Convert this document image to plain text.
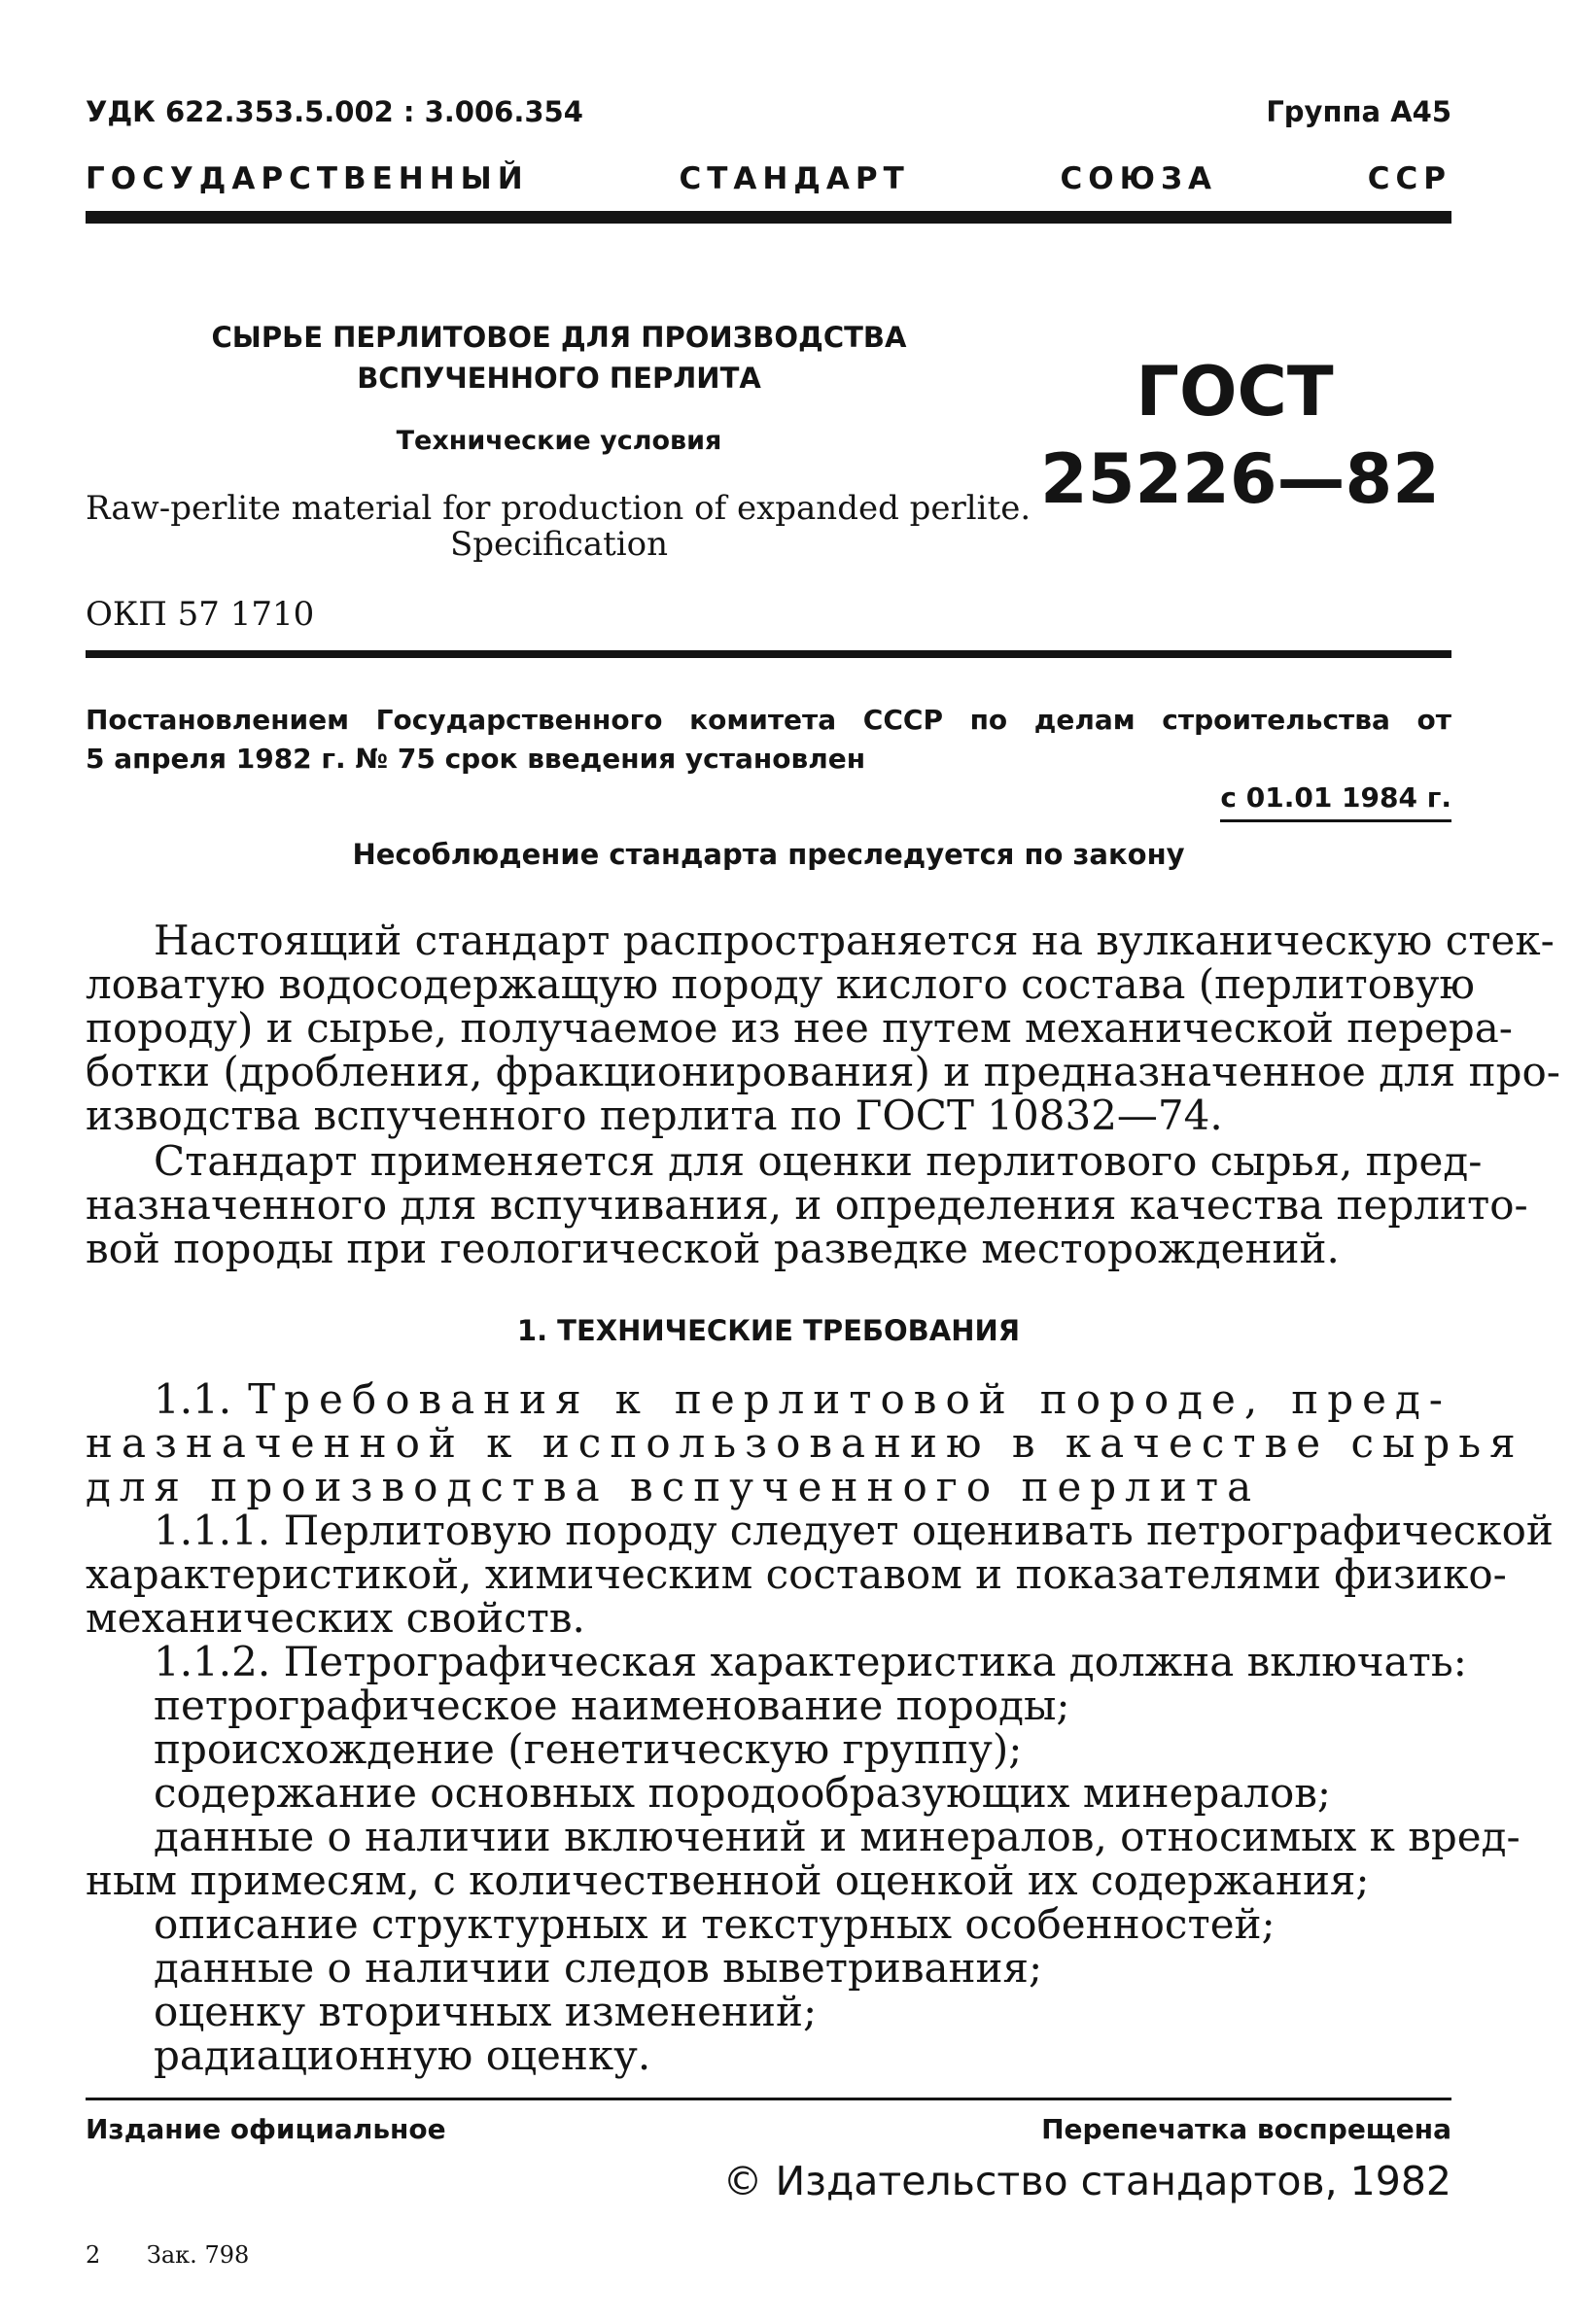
УДК 622.353.5.002 : 3.006.354	Группа А45
ГОСУДАРСТВЕННЫЙ	СТАНДАРТ	СОЮЗА	ССР
СЫРЬЕ ПЕРЛИТОВОЕ ДЛЯ ПРОИЗВОДСТВА
ВСПУЧЕННОГО ПЕРЛИТА
Технические условия
Raw-perlite material for production of expanded perlite.
Specification
ГОСТ
25226—82
ОКП 57 1710
Постановлением Государственного комитета СССР по делам строительства от
5 апреля 1982 г. № 75 срок введения установлен
с 01.01 1984 г.
Несоблюдение стандарта преследуется по закону
Настоящий стандарт распространяется на вулканическую стек-
ловатую водосодержащую породу кислого состава (перлитовую
породу) и сырье, получаемое из нее путем механической перера-
ботки (дробления, фракционирования) и предназначенное для про-
изводства вспученного перлита по ГОСТ 10832—74.
Стандарт применяется для оценки перлитового сырья, пред-
назначенного для вспучивания, и определения качества перлито-
вой породы при геологической разведке месторождений.
1. ТЕХНИЧЕСКИЕ ТРЕБОВАНИЯ
1.1. Требования к перлитовой породе, пред-
назначенной к использованию в качестве сырья
для производства вспученного перлита
1.1.1. Перлитовую породу следует оценивать петрографической
характеристикой, химическим составом и показателями физико-
механических свойств.
1.1.2. Петрографическая характеристика должна включать:
петрографическое наименование породы;
происхождение (генетическую группу);
содержание основных породообразующих минералов;
данные о наличии включений и минералов, относимых к вред-
ным примесям, с количественной оценкой их содержания;
описание структурных и текстурных особенностей;
данные о наличии следов выветривания;
оценку вторичных изменений;
радиационную оценку.
Издание официальное	Перепечатка воспрещена
© Издательство стандартов, 1982
2 Зак. 798
